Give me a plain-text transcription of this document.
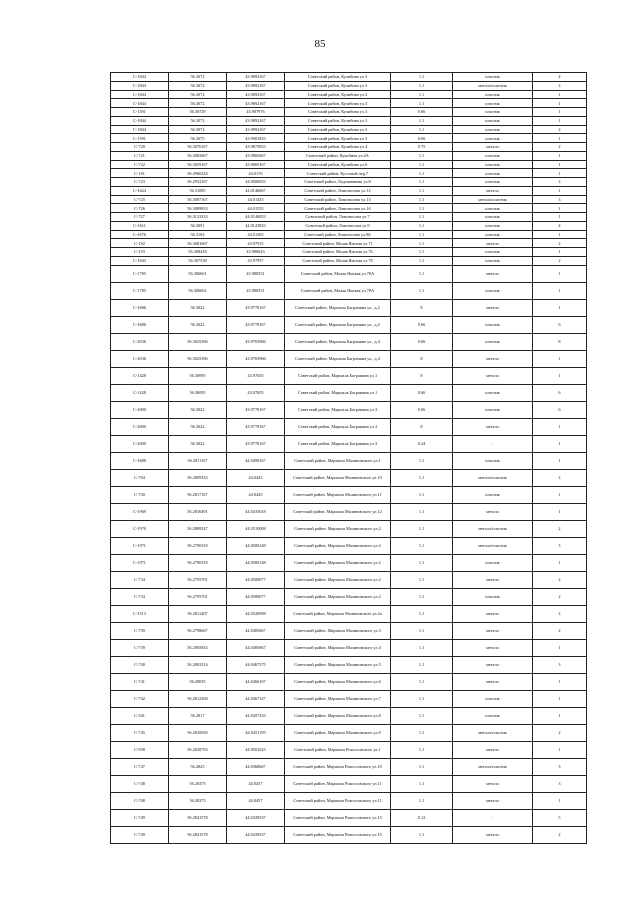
85
С-1844	56.3072	43.9892167	Советский район, Кулибина ул.3	1.1	пластик	4
С-1844	56.3072	43.9892167	Советский район, Кулибина ул.3	1.1	металл/пластик	2
С-1844	56.3072	43.9892167	Советский район, Кулибина ул.3	1.1	пластик	1
С-1844	56.3072	43.9892167	Советский район, Кулибина ул.3	1.1	пластик	1
С-1591	56.30729	43.987976	Советский район, Кулибина ул.3	0.66	пластик	1
С-1844	56.3072	43.9892167	Советский район, Кулибина ул.3	1.1	пластик	1
С-1844	56.3072	43.9892167	Советский район, Кулибина ул.3	1.1	пластик	2
С-1591	56.3075	43.9901833	Советский район, Кулибина ул.3	0.66	пластик	1
С-720	56.3070167	43.9875833	Советский район, Кулибина ул.4	0.75	металл	2
С-721	56.3065667	43.9865667	Советский район, Кулибина ул.4А	1.1	пластик	1
С-722	56.3059167	43.9869167	Советский район, Кулибина ул.6	1.1	пластик	1
С-191	56.2966333	44.0176	Советский район, Кустовой пер.7	1.1	пластик	1
С-723	56.2933167	44.0006833	Советский район, Ладожникова ул.8	1.1	пластик	2
С-1624	56.31085	44.0146667	Советский район, Ломоносова ул.12	1.1	металл	1
С-725	56.3087167	44.01455	Советский район, Ломоносова ул.13	1.1	металл/пластик	3
С-726	56.3089833	44.01555	Советский район, Ломоносова ул.16	1.1	пластик	1
С-727	56.3123333	44.0146833	Советский район, Ломоносова ул.7	1.1	пластик	1
С-1611	56.3091	44.0123833	Советский район, Ломоносова ул.9	1.1	пластик	4
С-1676	56.3104	44.01305	Советский район, Ломоносова ул.9Б	1.1	пластик	1
С-192	56.3081667	43.97915	Советский район, Малая Ямская ул.71	1.1	металл	2
С-193	56.308418	43.980643	Советский район, Малая Ямская ул.76	1.1	пластик	1
С-1643	56.307538	43.97957	Советский район, Малая Ямская ул.78	1.1	пластик	2
С-1785	56.306661	43.980551	Советский район, Малая Ямская ул.78А	1.1	металл	1
С-1785	56.306661	43.980551	Советский район, Малая Ямская ул.78А	1.1	пластик	1
С-1686	56.3022	43.9778167	Советский район, Маршала Баграмяна ул., д.2	8	металл	1
С-1686	56.3022	43.9778167	Советский район, Маршала Баграмяна ул., д.2	0.66	пластик	6
С-2036	56.3025396	43.9765966	Советский район, Маршала Баграмяна ул., д.4	0.66	пластик	8
С-2036	56.3025396	43.9765966	Советский район, Маршала Баграмяна ул., д.4	8	металл	1
С-1428	56.30095	43.97655	Советский район, Маршала Баграмяна ул.1	8	металл	1
С-1428	56.30095	43.97655	Советский район, Маршала Баграмяна ул.1	0.66	пластик	6
С-2000	56.3022	43.9778167	Советский район, Маршала Баграмяна ул.3	0.66	пластик	6
С-2000	56.3022	43.9778167	Советский район, Маршала Баграмяна ул.3	8	металл	1
С-2000	56.3022	43.9778167	Советский район, Маршала Баграмяна ул.3	0.24	-	1
С-1688	56.2811167	44.0498167	Советский район, Маршала Малиновского ул.1	1.1	пластик	1
С-704	56.2809333	44.0445	Советский район, Маршала Малиновского ул.10	1.1	металл/пластик	2
С-730	56.2817167	44.0445	Советский район, Маршала Малиновского ул.11	1.1	пластик	1
С-1969	56.2816491	44.0435618	Советский район, Маршала Малиновского ул.12	1.1	металл	1
С-1970	56.2808247	44.0510008	Советский район, Маршала Малиновского ул.2	1.1	металл/пластик	2
С-1971	56.2790319	44.0500148	Советский район, Маршала Малиновского ул.2	1.1	металл/пластик	3
С-1971	56.2790319	44.0500148	Советский район, Маршала Малиновского ул.2	1.1	пластик	1
С-734	56.2795701	44.0508077	Советский район, Маршала Малиновского ул.2	1.1	металл	2
С-734	56.2795701	44.0508077	Советский район, Маршала Малиновского ул.2	1.1	пластик	2
С-1513	56.2811407	44.0520098	Советский район, Маршала Малиновского ул.2а	1.1	металл	2
С-739	56.2798667	44.0485667	Советский район, Маршала Малиновского ул.3	1.1	металл	2
С-739	56.2805833	44.0485667	Советский район, Маршала Малиновского ул.4	1.1	металл	1
С-740	56.2803314	44.0467575	Советский район, Маршала Малиновского ул.5	1.1	металл	3
С-741	56.28035	44.0466167	Советский район, Маршала Малиновского ул.6	1.1	металл	1
С-742	56.2812368	44.0467147	Советский район, Маршала Малиновского ул.7	1.1	пластик	1
С-341	56.2817	44.0457333	Советский район, Маршала Малиновского ул.8	1.1	пластик	1
С-745	56.2810929	44.0451195	Советский район, Маршала Малиновского ул.9	1.1	металл/пластик	2
С-958	56.2828793	44.0501625	Советский район, Маршала Рокоссовского ул.1	1.1	металл	1
С-747	56.2825	44.0368667	Советский район, Маршала Рокоссовского ул.10	1.1	металл/пластик	3
С-748	56.28375	44.0457	Советский район, Маршала Рокоссовского ул.11	1.1	металл	3
С-748	56.28375	44.0457	Советский район, Маршала Рокоссовского ул.11	1.1	металл	1
С-749	56.2841578	44.0439537	Советский район, Маршала Рокоссовского ул.15	0.12	-	5
С-749	56.2841578	44.0439537	Советский район, Маршала Рокоссовского ул.15	1.1	металл	2
